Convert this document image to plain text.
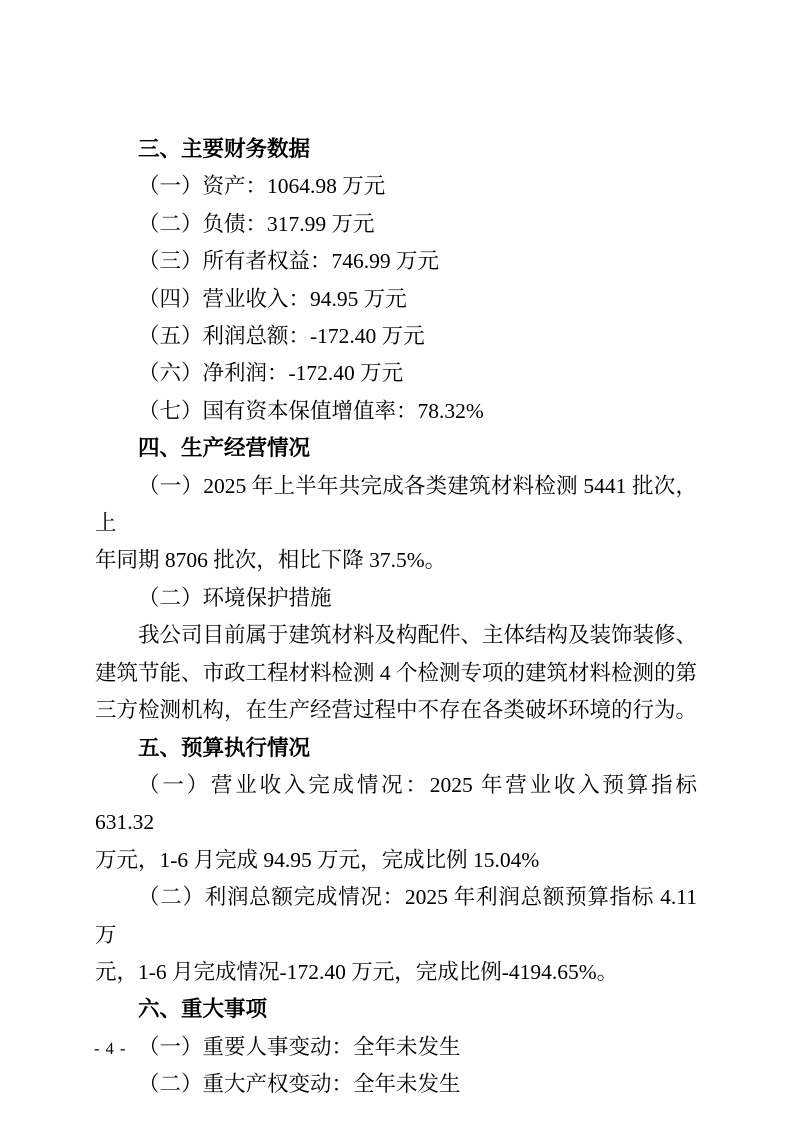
三、主要财务数据
（一）资产：1064.98 万元
（二）负债：317.99 万元
（三）所有者权益：746.99 万元
（四）营业收入：94.95 万元
（五）利润总额：-172.40 万元
（六）净利润：-172.40 万元
（七）国有资本保值增值率：78.32%
四、生产经营情况
（一）2025 年上半年共完成各类建筑材料检测 5441 批次，上
年同期 8706 批次，相比下降 37.5%。
（二）环境保护措施
我公司目前属于建筑材料及构配件、主体结构及装饰装修、
建筑节能、市政工程材料检测 4 个检测专项的建筑材料检测的第
三方检测机构，在生产经营过程中不存在各类破坏环境的行为。
五、预算执行情况
（一）营业收入完成情况：2025 年营业收入预算指标 631.32
万元，1-6 月完成 94.95 万元，完成比例 15.04%
（二）利润总额完成情况：2025 年利润总额预算指标 4.11 万
元，1-6 月完成情况-172.40 万元，完成比例-4194.65%。
六、重大事项
（一）重要人事变动：全年未发生
（二）重大产权变动：全年未发生
- 4 -
